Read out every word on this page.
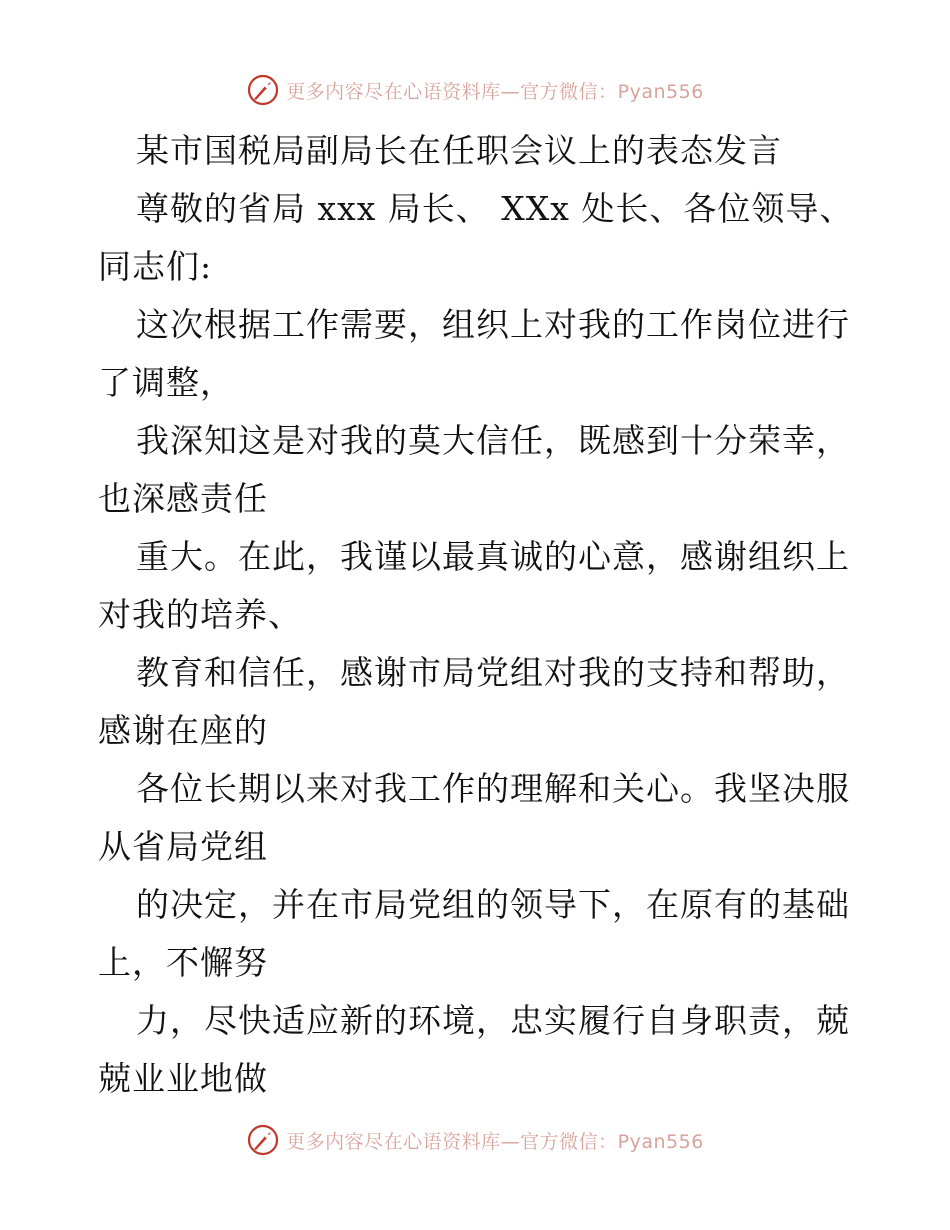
更多内容尽在心语资料库—官方微信：Pyan556
某市国税局副局长在任职会议上的表态发言
尊敬的省局 xxx 局长、 XXx 处长、各位领导、
同志们:
这次根据工作需要，组织上对我的工作岗位进行
了调整，
我深知这是对我的莫大信任，既感到十分荣幸，
也深感责任
重大。在此，我谨以最真诚的心意，感谢组织上
对我的培养、
教育和信任，感谢市局党组对我的支持和帮助，
感谢在座的
各位长期以来对我工作的理解和关心。我坚决服
从省局党组
的决定，并在市局党组的领导下，在原有的基础
上，不懈努
力，尽快适应新的环境，忠实履行自身职责，兢
兢业业地做
更多内容尽在心语资料库—官方微信：Pyan556
